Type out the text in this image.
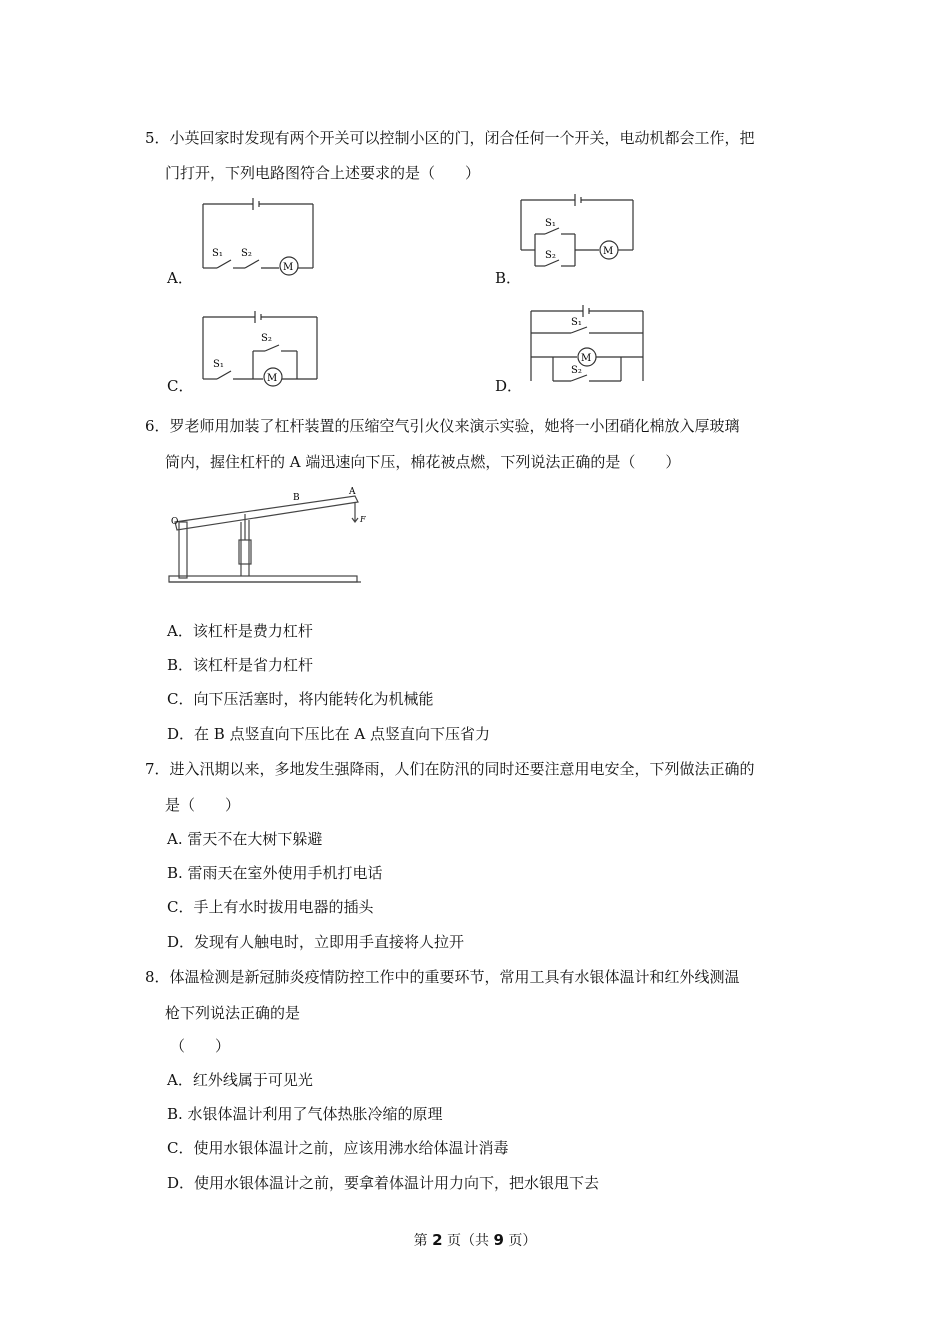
5．小英回家时发现有两个开关可以控制小区的门，闭合任何一个开关，电动机都会工作，把
门打开，下列电路图符合上述要求的是（　　）
A．
S₁ S₂
M
B．
S₁
S₂	M
C．
S₁
S₂
M	D．
S₁
S₂
M
6．罗老师用加装了杠杆装置的压缩空气引火仪来演示实验，她将一小团硝化棉放入厚玻璃
筒内，握住杠杆的 A 端迅速向下压，棉花被点燃，下列说法正确的是（　　）
O
A
B
F
A．该杠杆是费力杠杆
B．该杠杆是省力杠杆
C．向下压活塞时，将内能转化为机械能
D．在 B 点竖直向下压比在 A 点竖直向下压省力
7．进入汛期以来，多地发生强降雨，人们在防汛的同时还要注意用电安全，下列做法正确的
是（　　）
A. 雷天不在大树下躲避
B. 雷雨天在室外使用手机打电话
C．手上有水时拔用电器的插头
D．发现有人触电时，立即用手直接将人拉开
8．体温检测是新冠肺炎疫情防控工作中的重要环节，常用工具有水银体温计和红外线测温
枪下列说法正确的是
（　　）
A．红外线属于可见光
B. 水银体温计利用了气体热胀冷缩的原理
C．使用水银体温计之前，应该用沸水给体温计消毒
D．使用水银体温计之前，要拿着体温计用力向下，把水银甩下去
第 2 页（共 9 页）
